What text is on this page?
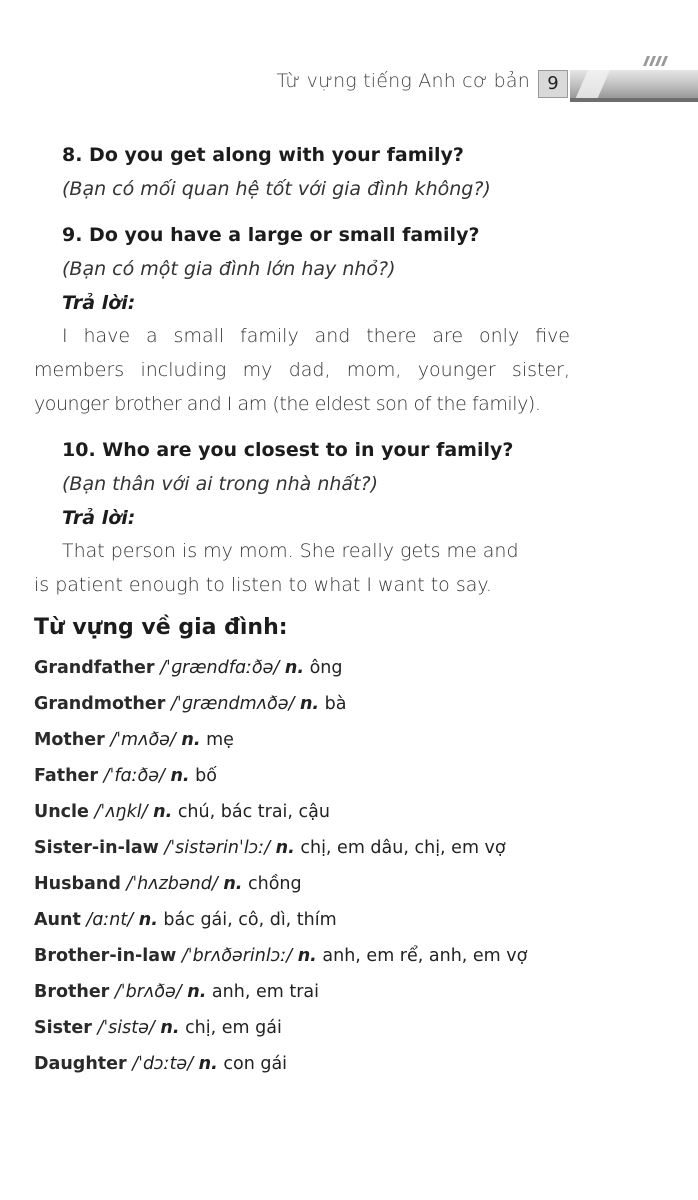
Từ vựng tiếng Anh cơ bản 9
8. Do you get along with your family?
(Bạn có mối quan hệ tốt với gia đình không?)
9. Do you have a large or small family?
(Bạn có một gia đình lớn hay nhỏ?)
Trả lời:
I have a small family and there are only five
members including my dad, mom, younger sister,
younger brother and I am (the eldest son of the family).
10. Who are you closest to in your family?
(Bạn thân với ai trong nhà nhất?)
Trả lời:
That person is my mom. She really gets me and
is patient enough to listen to what I want to say.
Từ vựng về gia đình:
Grandfather /ˈɡrændfɑːðə/ n. ông
Grandmother /ˈɡrændmʌðə/ n. bà
Mother /ˈmʌðə/ n. mẹ
Father /ˈfɑːðə/ n. bố
Uncle /ˈʌŋkl/ n. chú, bác trai, cậu
Sister-in-law /ˈsistərinˈlɔː/ n. chị, em dâu, chị, em vợ
Husband /ˈhʌzbənd/ n. chồng
Aunt /ɑːnt/ n. bác gái, cô, dì, thím
Brother-in-law /ˈbrʌðərinlɔː/ n. anh, em rể, anh, em vợ
Brother /ˈbrʌðə/ n. anh, em trai
Sister /ˈsistə/ n. chị, em gái
Daughter /ˈdɔːtə/ n. con gái
